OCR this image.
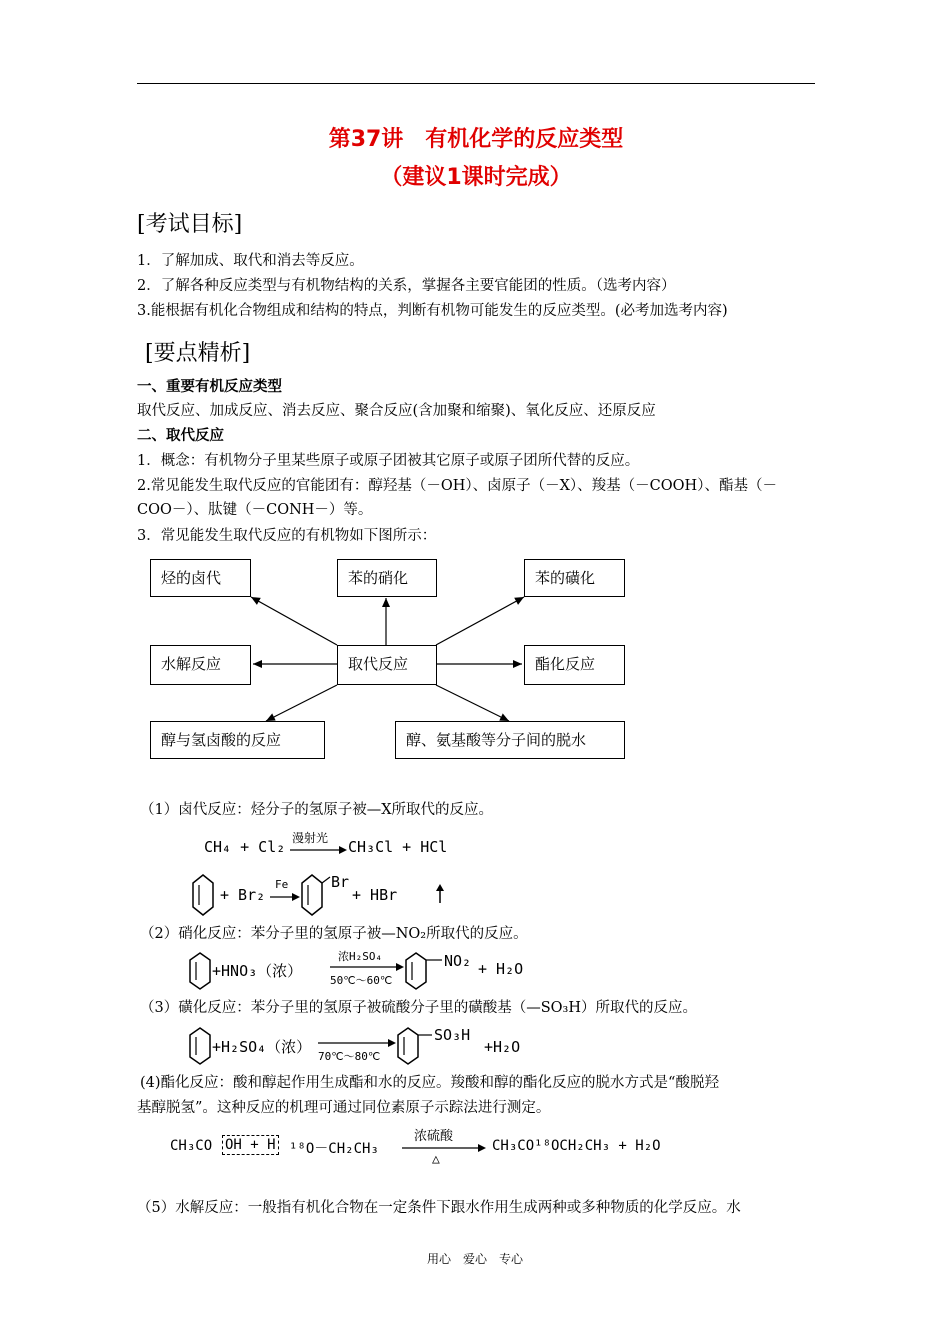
第37讲　有机化学的反应类型
（建议1课时完成）
[考试目标]
1．了解加成、取代和消去等反应。
2．了解各种反应类型与有机物结构的关系，掌握各主要官能团的性质。（选考内容）
3.能根据有机化合物组成和结构的特点，判断有机物可能发生的反应类型。(必考加选考内容)
[要点精析]
一、重要有机反应类型
取代反应、加成反应、消去反应、聚合反应(含加聚和缩聚)、氧化反应、还原反应
二、取代反应
1．概念：有机物分子里某些原子或原子团被其它原子或原子团所代替的反应。
2.常见能发生取代反应的官能团有：醇羟基（－OH）、卤原子（－X）、羧基（－COOH）、酯基（－
COO－）、肽键（－CONH－）等。
3．常见能发生取代反应的有机物如下图所示：
烃的卤代	苯的硝化	苯的磺化
水解反应	取代反应	酯化反应
醇与氢卤酸的反应	醇、氨基酸等分子间的脱水
（1）卤代反应：烃分子的氢原子被—X所取代的反应。
CH₄ + Cl₂ 漫射光 CH₃Cl + HCl
+ Br₂
Fe	Br
+ HBr
（2）硝化反应：苯分子里的氢原子被—NO₂所取代的反应。
+HNO₃（浓）
浓H₂SO₄
50℃～60℃
NO₂ + H₂O
（3）磺化反应：苯分子里的氢原子被硫酸分子里的磺酸基（—SO₃H）所取代的反应。
+H₂SO₄（浓）
70℃～80℃
SO₃H
+H₂O
(4)酯化反应：酸和醇起作用生成酯和水的反应。羧酸和醇的酯化反应的脱水方式是“酸脱羟
基醇脱氢”。这种反应的机理可通过同位素原子示踪法进行测定。
CH₃CO OH + H ¹⁸O－CH₂CH₃
浓硫酸
△
CH₃CO¹⁸OCH₂CH₃ + H₂O
（5）水解反应：一般指有机化合物在一定条件下跟水作用生成两种或多种物质的化学反应。水
用心　爱心　专心
